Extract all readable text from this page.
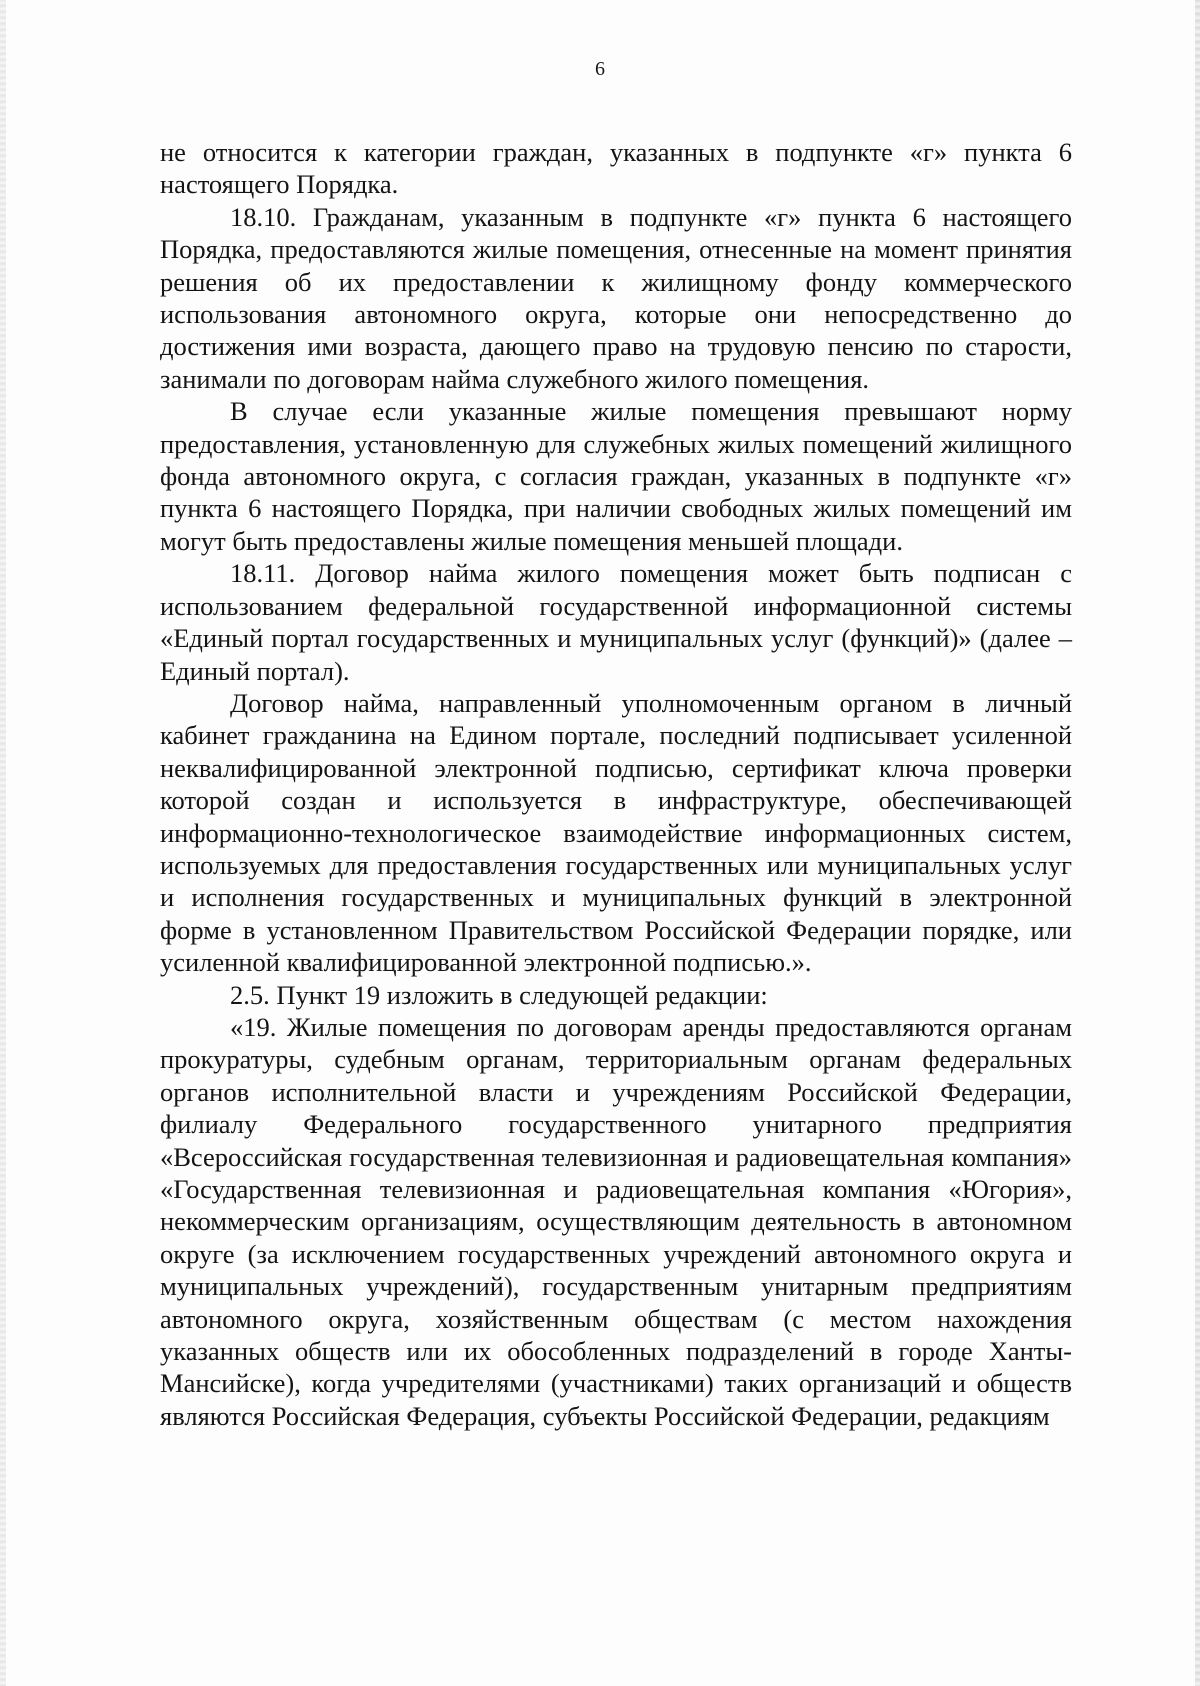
6

не относится к категории граждан, указанных в подпункте «г» пункта 6 настоящего Порядка.

18.10. Гражданам, указанным в подпункте «г» пункта 6 настоящего Порядка, предоставляются жилые помещения, отнесенные на момент принятия решения об их предоставлении к жилищному фонду коммерческого использования автономного округа, которые они непосредственно до достижения ими возраста, дающего право на трудовую пенсию по старости, занимали по договорам найма служебного жилого помещения.

В случае если указанные жилые помещения превышают норму предоставления, установленную для служебных жилых помещений жилищного фонда автономного округа, с согласия граждан, указанных в подпункте «г» пункта 6 настоящего Порядка, при наличии свободных жилых помещений им могут быть предоставлены жилые помещения меньшей площади.

18.11. Договор найма жилого помещения может быть подписан с использованием федеральной государственной информационной системы «Единый портал государственных и муниципальных услуг (функций)» (далее – Единый портал).

Договор найма, направленный уполномоченным органом в личный кабинет гражданина на Едином портале, последний подписывает усиленной неквалифицированной электронной подписью, сертификат ключа проверки которой создан и используется в инфраструктуре, обеспечивающей информационно-технологическое взаимодействие информационных систем, используемых для предоставления государственных или муниципальных услуг и исполнения государственных и муниципальных функций в электронной форме в установленном Правительством Российской Федерации порядке, или усиленной квалифицированной электронной подписью.».

2.5. Пункт 19 изложить в следующей редакции:

«19. Жилые помещения по договорам аренды предоставляются органам прокуратуры, судебным органам, территориальным органам федеральных органов исполнительной власти и учреждениям Российской Федерации, филиалу Федерального государственного унитарного предприятия «Всероссийская государственная телевизионная и радиовещательная компания» «Государственная телевизионная и радиовещательная компания «Югория», некоммерческим организациям, осуществляющим деятельность в автономном округе (за исключением государственных учреждений автономного округа и муниципальных учреждений), государственным унитарным предприятиям автономного округа, хозяйственным обществам (с местом нахождения указанных обществ или их обособленных подразделений в городе Ханты-Мансийске), когда учредителями (участниками) таких организаций и обществ являются Российская Федерация, субъекты Российской Федерации, редакциям
